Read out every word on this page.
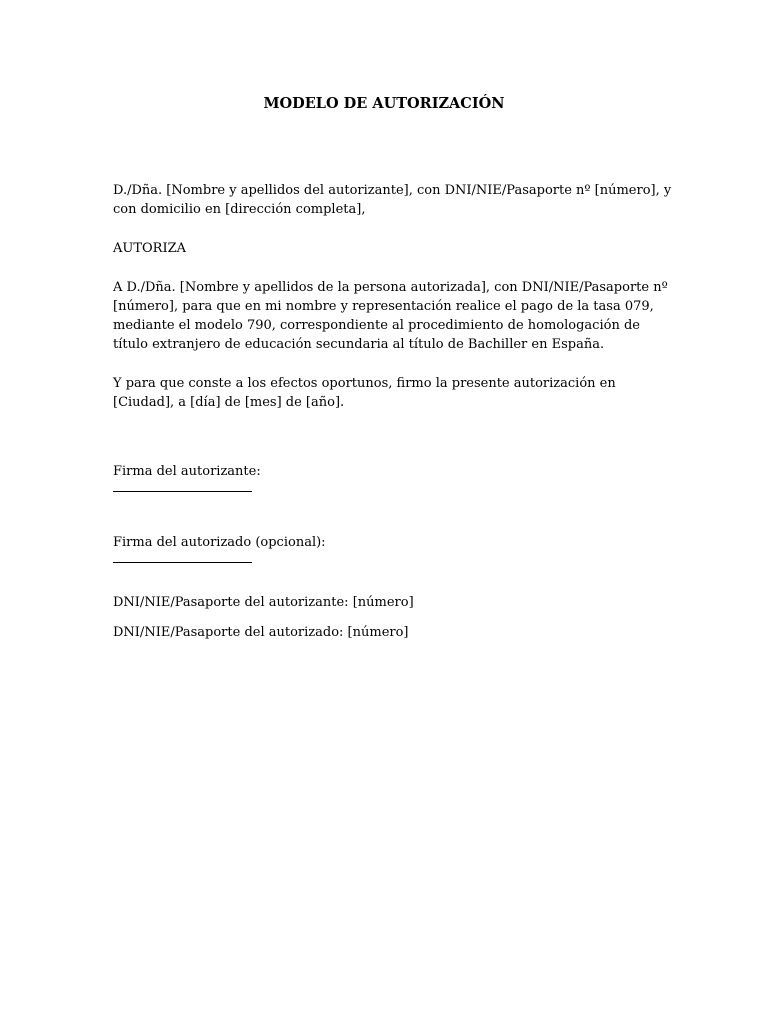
MODELO DE AUTORIZACIÓN

D./Dña. [Nombre y apellidos del autorizante], con DNI/NIE/Pasaporte nº [número], y con domicilio en [dirección completa],

AUTORIZA

A D./Dña. [Nombre y apellidos de la persona autorizada], con DNI/NIE/Pasaporte nº [número], para que en mi nombre y representación realice el pago de la tasa 079, mediante el modelo 790, correspondiente al procedimiento de homologación de título extranjero de educación secundaria al título de Bachiller en España.

Y para que conste a los efectos oportunos, firmo la presente autorización en [Ciudad], a [día] de [mes] de [año].

Firma del autorizante:

Firma del autorizado (opcional):

DNI/NIE/Pasaporte del autorizante: [número]

DNI/NIE/Pasaporte del autorizado: [número]
